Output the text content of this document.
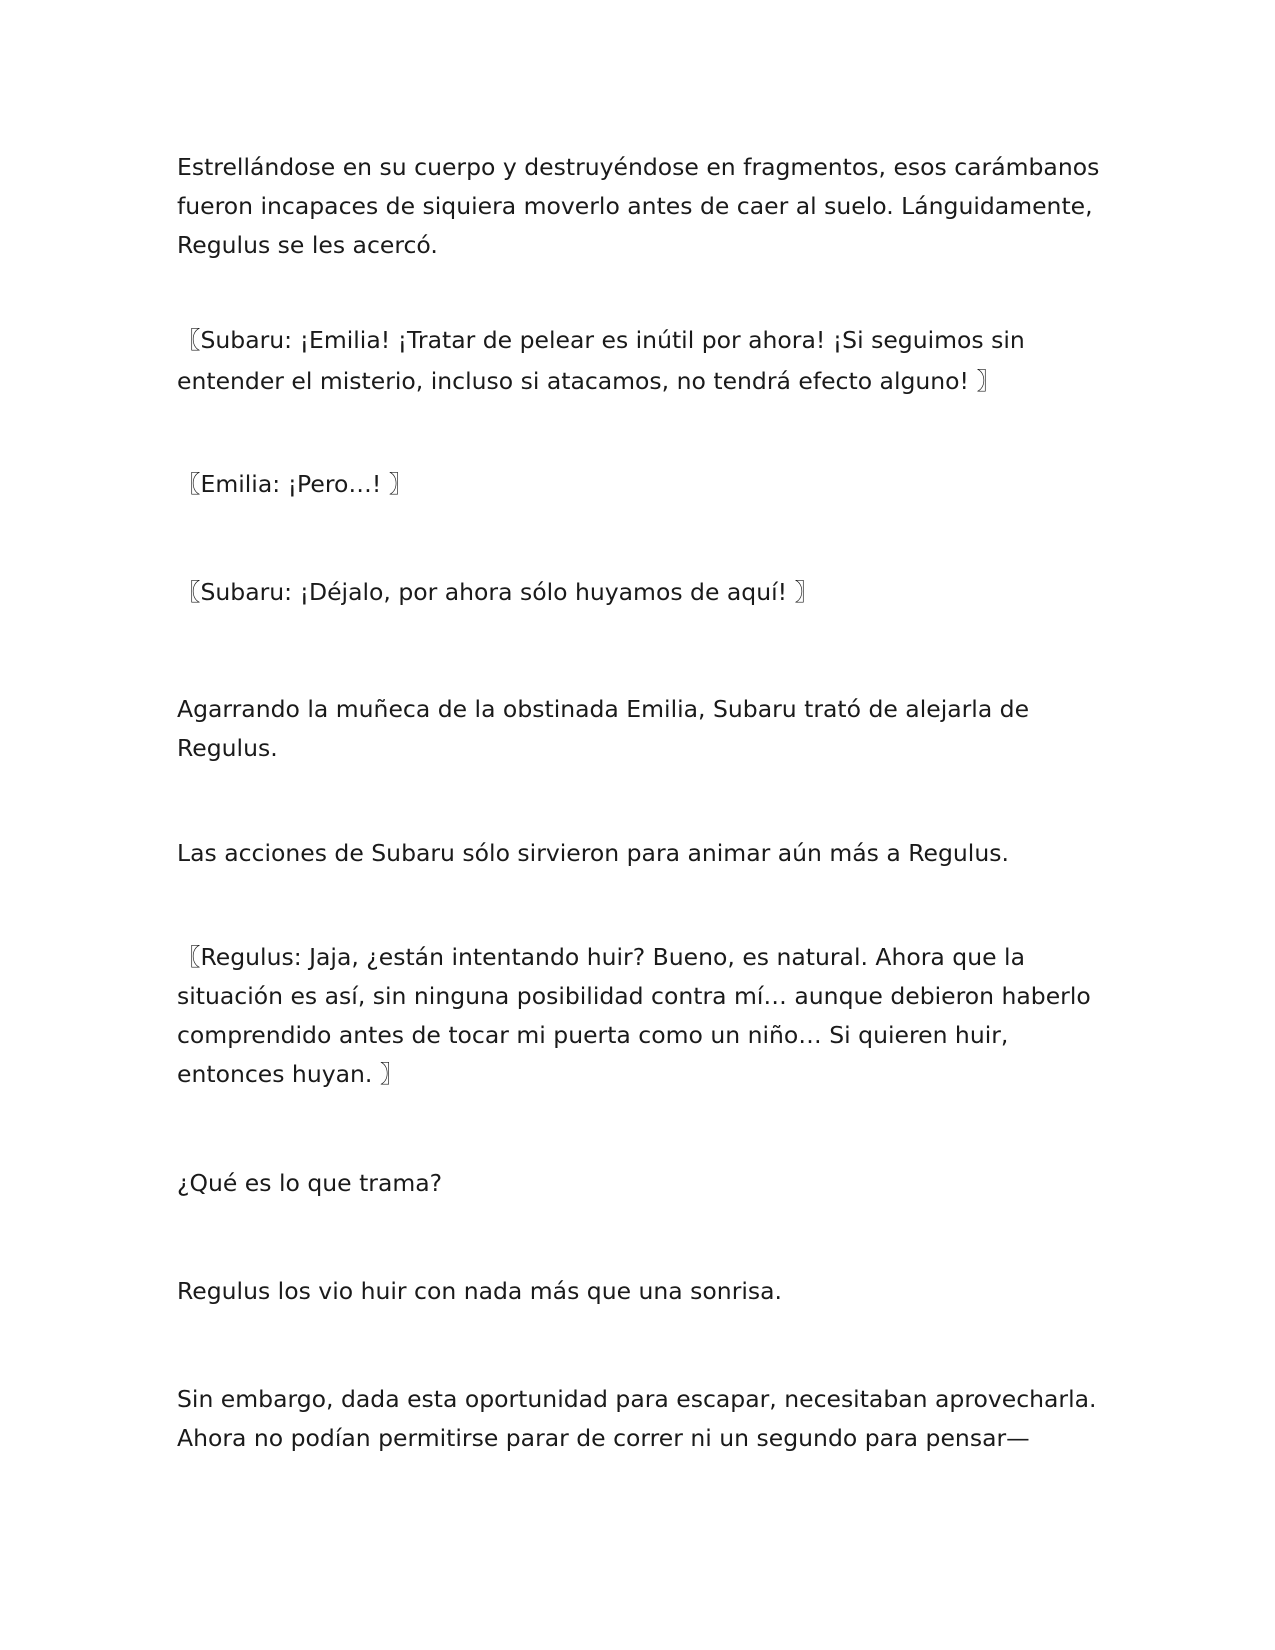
Estrellándose en su cuerpo y destruyéndose en fragmentos, esos carámbanos fueron incapaces de siquiera moverlo antes de caer al suelo. Lánguidamente, Regulus se les acercó.

〖Subaru: ¡Emilia! ¡Tratar de pelear es inútil por ahora! ¡Si seguimos sin entender el misterio, incluso si atacamos, no tendrá efecto alguno! 〗

〖Emilia: ¡Pero…! 〗

〖Subaru: ¡Déjalo, por ahora sólo huyamos de aquí! 〗

Agarrando la muñeca de la obstinada Emilia, Subaru trató de alejarla de Regulus.

Las acciones de Subaru sólo sirvieron para animar aún más a Regulus.

〖Regulus: Jaja, ¿están intentando huir? Bueno, es natural. Ahora que la situación es así, sin ninguna posibilidad contra mí… aunque debieron haberlo comprendido antes de tocar mi puerta como un niño… Si quieren huir, entonces huyan. 〗

¿Qué es lo que trama?

Regulus los vio huir con nada más que una sonrisa.

Sin embargo, dada esta oportunidad para escapar, necesitaban aprovecharla. Ahora no podían permitirse parar de correr ni un segundo para pensar—
